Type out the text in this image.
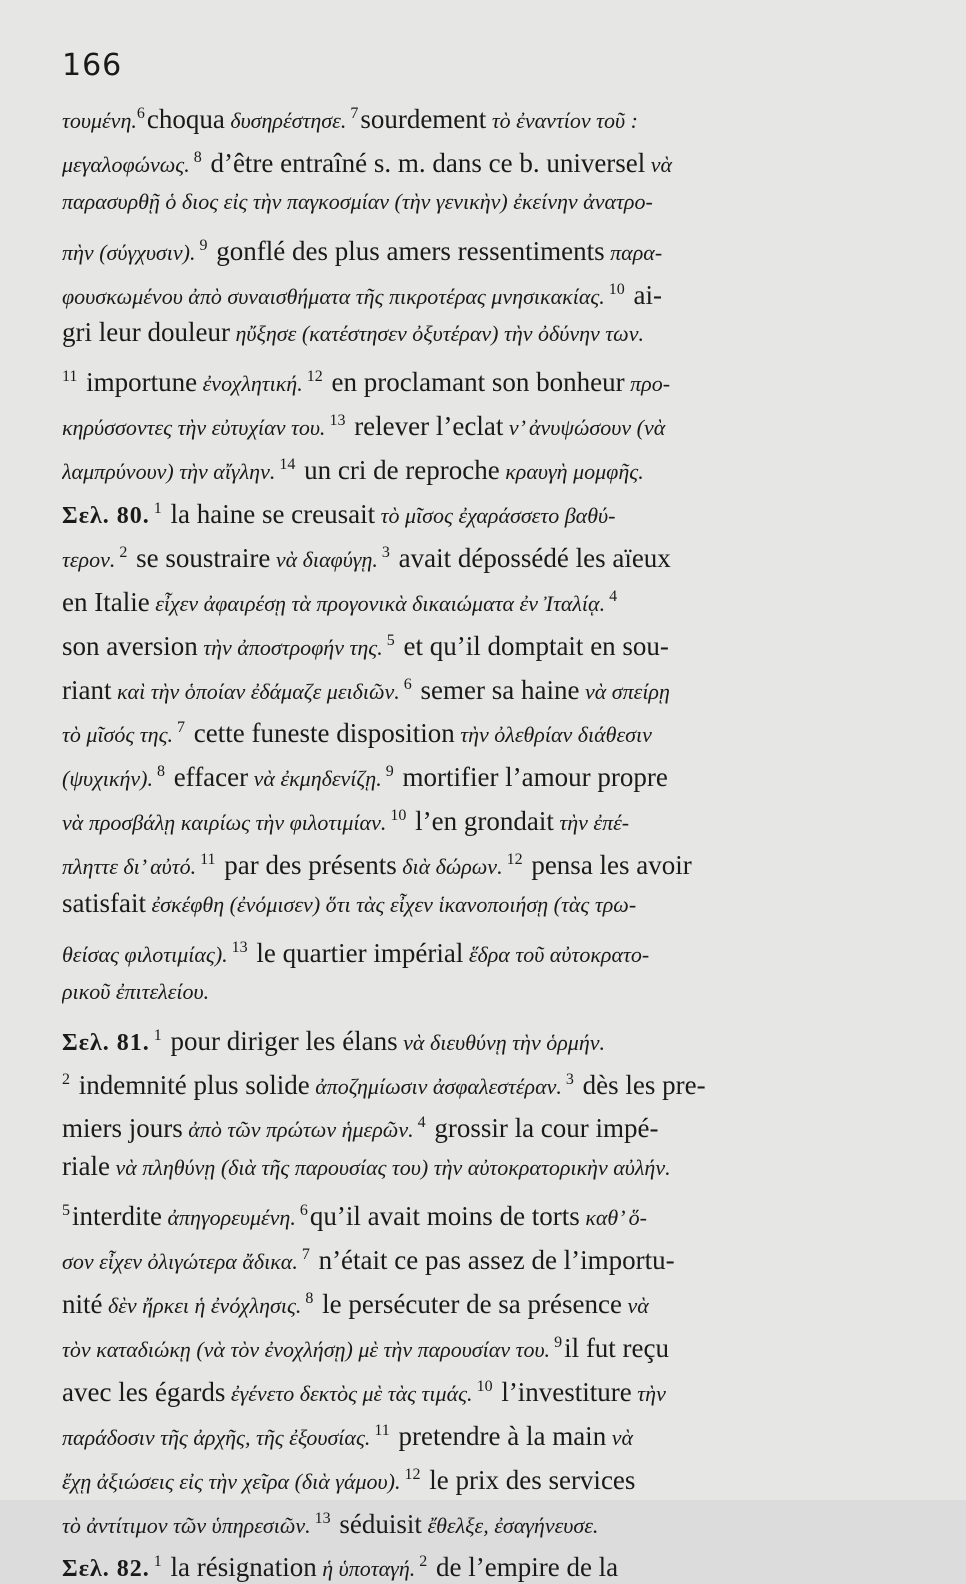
166
τουμένη.6choqua δυσηρέστησε. 7sourdement τὸ ἐναντίον τοῦ :
μεγαλοφώνως. 8 d’être entraîné s. m. dans ce b. universel νὰ
παρασυρθῇ ὁ διος εἰς τὴν παγκοσμίαν (τὴν γενικὴν) ἐκείνην ἀνατρο-
πὴν (σύγχυσιν). 9 gonflé des plus amers ressentiments παρα-
φουσκωμένου ἀπὸ συναισθήματα τῆς πικροτέρας μνησικακίας. 10 ai-
gri leur douleur ηὔξησε (κατέστησεν ὀξυτέραν) τὴν ὀδύνην των.
11 importune ἐνοχλητική. 12 en proclamant son bonheur προ-
κηρύσσοντες τὴν εὐτυχίαν του. 13 relever l’eclat ν’ ἀνυψώσουν (νὰ
λαμπρύνουν) τὴν αἴγλην. 14 un cri de reproche κραυγὴ μομφῆς.
Σελ. 80. 1 la haine se creusait τὸ μῖσος ἐχαράσσετο βαθύ-
τερον. 2 se soustraire νὰ διαφύγῃ. 3 avait dépossédé les aïeux
en Italie εἶχεν ἀφαιρέσῃ τὰ προγονικὰ δικαιώματα ἐν Ἰταλίᾳ. 4
son aversion τὴν ἀποστροφήν της. 5 et qu’il domptait en sou-
riant καὶ τὴν ὁποίαν ἐδάμαζε μειδιῶν. 6 semer sa haine νὰ σπείρῃ
τὸ μῖσός της. 7 cette funeste disposition τὴν ὀλεθρίαν διάθεσιν
(ψυχικήν). 8 effacer νὰ ἐκμηδενίζῃ. 9 mortifier l’amour propre
νὰ προσβάλῃ καιρίως τὴν φιλοτιμίαν. 10 l’en grondait τὴν ἐπέ-
πληττε δι’ αὐτό. 11 par des présents διὰ δώρων. 12 pensa les avoir
satisfait ἐσκέφθη (ἐνόμισεν) ὅτι τὰς εἶχεν ἱκανοποιήσῃ (τὰς τρω-
θείσας φιλοτιμίας). 13 le quartier impérial ἕδρα τοῦ αὐτοκρατο-
ρικοῦ ἐπιτελείου.
Σελ. 81. 1 pour diriger les élans νὰ διευθύνῃ τὴν ὁρμήν.
2 indemnité plus solide ἀποζημίωσιν ἀσφαλεστέραν. 3 dès les pre-
miers jours ἀπὸ τῶν πρώτων ἡμερῶν. 4 grossir la cour impé-
riale νὰ πληθύνῃ (διὰ τῆς παρουσίας του) τὴν αὐτοκρατορικὴν αὐλήν.
5interdite ἀπηγορευμένη. 6qu’il avait moins de torts καθ’ ὅ-
σον εἶχεν ὀλιγώτερα ἄδικα. 7 n’était ce pas assez de l’importu-
nité δὲν ἤρκει ἡ ἐνόχλησις. 8 le persécuter de sa présence νὰ
τὸν καταδιώκῃ (νὰ τὸν ἐνοχλήσῃ) μὲ τὴν παρουσίαν του. 9il fut reçu
avec les égards ἐγένετο δεκτὸς μὲ τὰς τιμάς. 10 l’investiture τὴν
παράδοσιν τῆς ἀρχῆς, τῆς ἐξουσίας. 11 pretendre à la main νὰ
ἔχῃ ἀξιώσεις εἰς τὴν χεῖρα (διὰ γάμου). 12 le prix des services
τὸ ἀντίτιμον τῶν ὑπηρεσιῶν. 13 séduisit ἔθελξε, ἐσαγήνευσε.
Σελ. 82. 1 la résignation ἡ ὑποταγή. 2 de l’empire de la
